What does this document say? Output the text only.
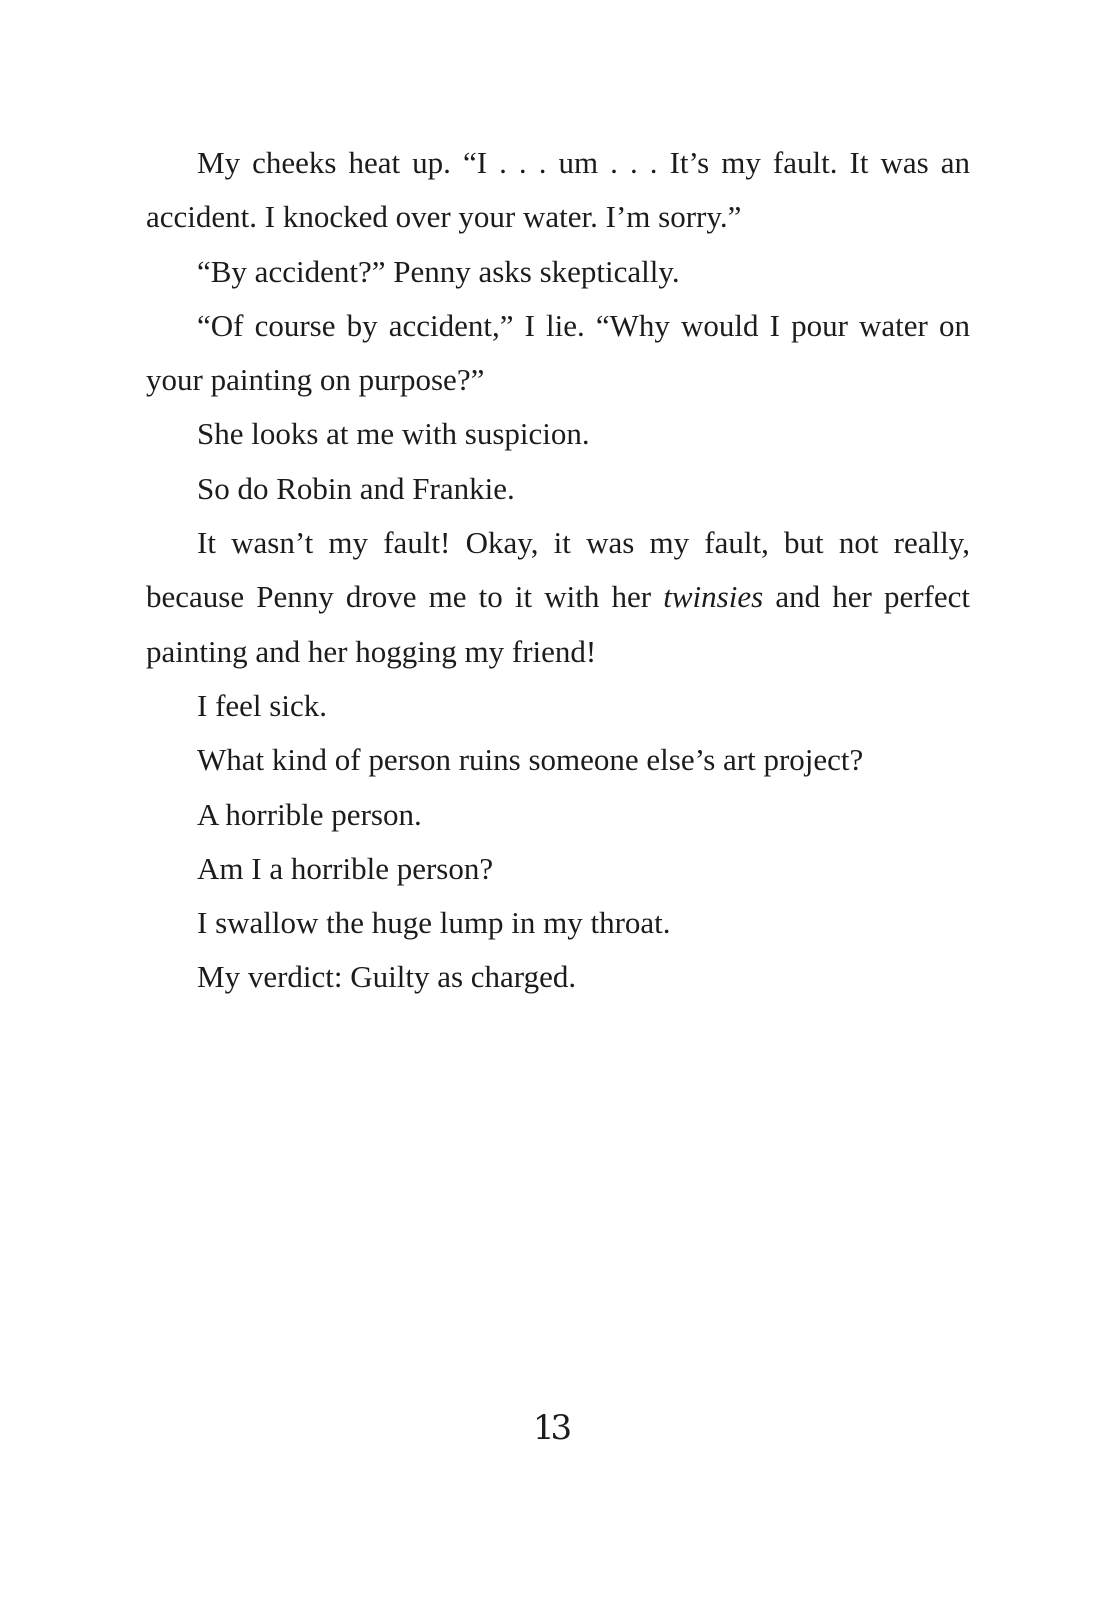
My cheeks heat up. “I . . . um . . . It’s my fault. It was an accident. I knocked over your water. I’m sorry.”

“By accident?” Penny asks skeptically.

“Of course by accident,” I lie. “Why would I pour water on your painting on purpose?”

She looks at me with suspicion.

So do Robin and Frankie.

It wasn’t my fault! Okay, it was my fault, but not really, because Penny drove me to it with her twinsies and her perfect painting and her hogging my friend!

I feel sick.

What kind of person ruins someone else’s art project?

A horrible person.

Am I a horrible person?

I swallow the huge lump in my throat.

My verdict: Guilty as charged.

13
